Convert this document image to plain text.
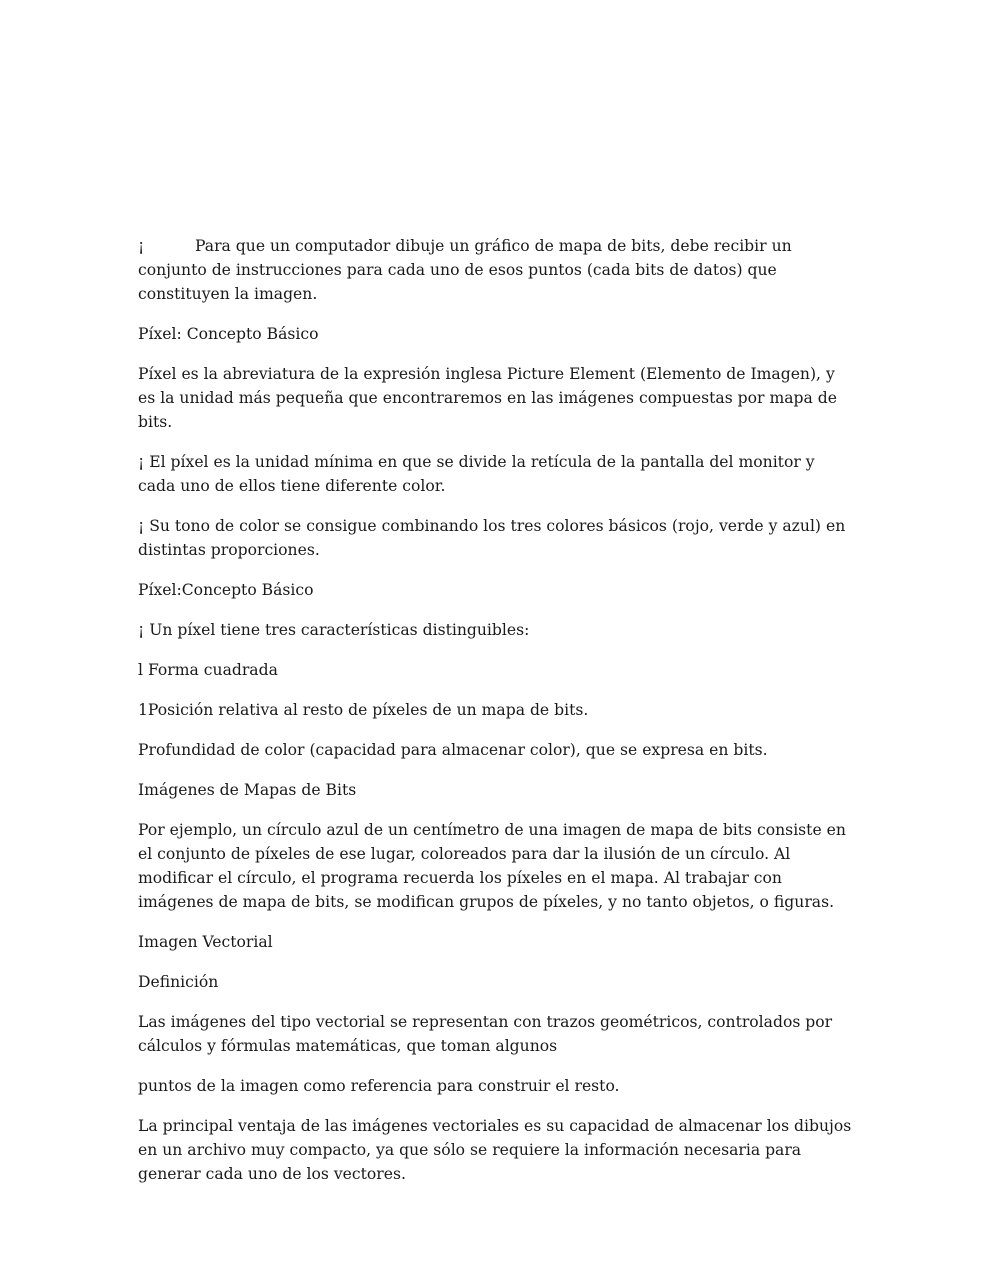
¡	Para que un computador dibuje un gráfico de mapa de bits, debe recibir un conjunto de instrucciones para cada uno de esos puntos (cada bits de datos) que constituyen la imagen.

Píxel: Concepto Básico

Píxel es la abreviatura de la expresión inglesa Picture Element (Elemento de Imagen), y es la unidad más pequeña que encontraremos en las imágenes compuestas por mapa de bits.

¡ El píxel es la unidad mínima en que se divide la retícula de la pantalla del monitor y cada uno de ellos tiene diferente color.

¡ Su tono de color se consigue combinando los tres colores básicos (rojo, verde y azul) en distintas proporciones.

Píxel:Concepto Básico

¡ Un píxel tiene tres características distinguibles:

l Forma cuadrada

1Posición relativa al resto de píxeles de un mapa de bits.

Profundidad de color (capacidad para almacenar color), que se expresa en bits.

Imágenes de Mapas de Bits

Por ejemplo, un círculo azul de un centímetro de una imagen de mapa de bits consiste en el conjunto de píxeles de ese lugar, coloreados para dar la ilusión de un círculo. Al modificar el círculo, el programa recuerda los píxeles en el mapa. Al trabajar con imágenes de mapa de bits, se modifican grupos de píxeles, y no tanto objetos, o figuras.

Imagen Vectorial

Definición

Las imágenes del tipo vectorial se representan con trazos geométricos, controlados por cálculos y fórmulas matemáticas, que toman algunos

puntos de la imagen como referencia para construir el resto.

La principal ventaja de las imágenes vectoriales es su capacidad de almacenar los dibujos en un archivo muy compacto, ya que sólo se requiere la información necesaria para generar cada uno de los vectores.
